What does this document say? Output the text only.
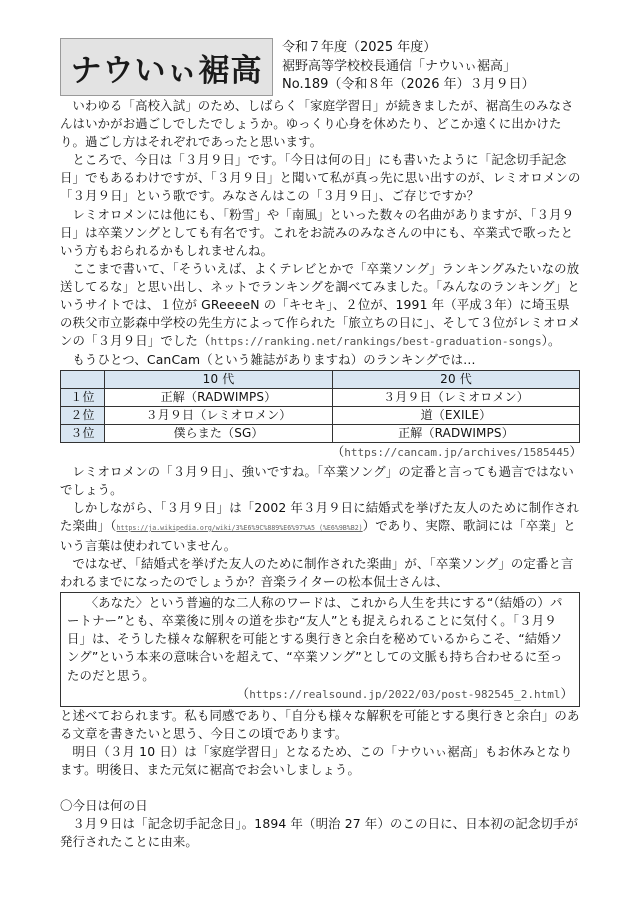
ナウいぃ裾高
令和７年度（2025 年度）
裾野高等学校校長通信「ナウいぃ裾高」
No.189（令和８年（2026 年）３月９日）

いわゆる「高校入試」のため、しばらく「家庭学習日」が続きましたが、裾高生のみなさんはいかがお過ごしでしたでしょうか。ゆっくり心身を休めたり、どこか遠くに出かけたり。過ごし方はそれぞれであったと思います。

ところで、今日は「３月９日」です。「今日は何の日」にも書いたように「記念切手記念日」でもあるわけですが、「３月９日」と聞いて私が真っ先に思い出すのが、レミオロメンの「３月９日」という歌です。みなさんはこの「３月９日」、ご存じですか？

レミオロメンには他にも、「粉雪」や「南風」といった数々の名曲がありますが、「３月９日」は卒業ソングとしても有名です。これをお読みのみなさんの中にも、卒業式で歌ったという方もおられるかもしれませんね。

ここまで書いて、「そういえば、よくテレビとかで「卒業ソング」ランキングみたいなの放送してるな」と思い出し、ネットでランキングを調べてみました。「みんなのランキング」というサイトでは、１位が GReeeeN の「キセキ」、２位が、1991 年（平成３年）に埼玉県の秩父市立影森中学校の先生方によって作られた「旅立ちの日に」、そして３位がレミオロメンの「３月９日」でした（https://ranking.net/rankings/best-graduation-songs）。

もうひとつ、CanCam（という雑誌がありますね）のランキングでは…

	10 代	20 代
１位	正解（RADWIMPS）	３月９日（レミオロメン）
２位	３月９日（レミオロメン）	道（EXILE）
３位	僕らまた（SG）	正解（RADWIMPS）
（https://cancam.jp/archives/1585445）

レミオロメンの「３月９日」、強いですね。「卒業ソング」の定番と言っても過言ではないでしょう。

しかしながら、「３月９日」は「2002 年３月９日に結婚式を挙げた友人のために制作された楽曲」（https://ja.wikipedia.org/wiki/3%E6%9C%889%E6%97%A5_(%E6%9B%B2)）であり、実際、歌詞には「卒業」という言葉は使われていません。

ではなぜ、「結婚式を挙げた友人のために制作された楽曲」が、「卒業ソング」の定番と言われるまでになったのでしょうか？音楽ライターの松本侃士さんは、

〈あなた〉という普遍的な二人称のワードは、これから人生を共にする“（結婚の）パートナー”とも、卒業後に別々の道を歩む“友人”とも捉えられることに気付く。「３月９日」は、そうした様々な解釈を可能とする奥行きと余白を秘めているからこそ、“結婚ソング”という本来の意味合いを超えて、“卒業ソング”としての文脈も持ち合わせるに至ったのだと思う。

（https://realsound.jp/2022/03/post-982545_2.html）

と述べておられます。私も同感であり、「自分も様々な解釈を可能とする奥行きと余白」のある文章を書きたいと思う、今日この頃であります。

明日（３月 10 日）は「家庭学習日」となるため、この「ナウいぃ裾高」もお休みとなります。明後日、また元気に裾高でお会いしましょう。

〇今日は何の日

３月９日は「記念切手記念日」。1894 年（明治 27 年）のこの日に、日本初の記念切手が発行されたことに由来。
